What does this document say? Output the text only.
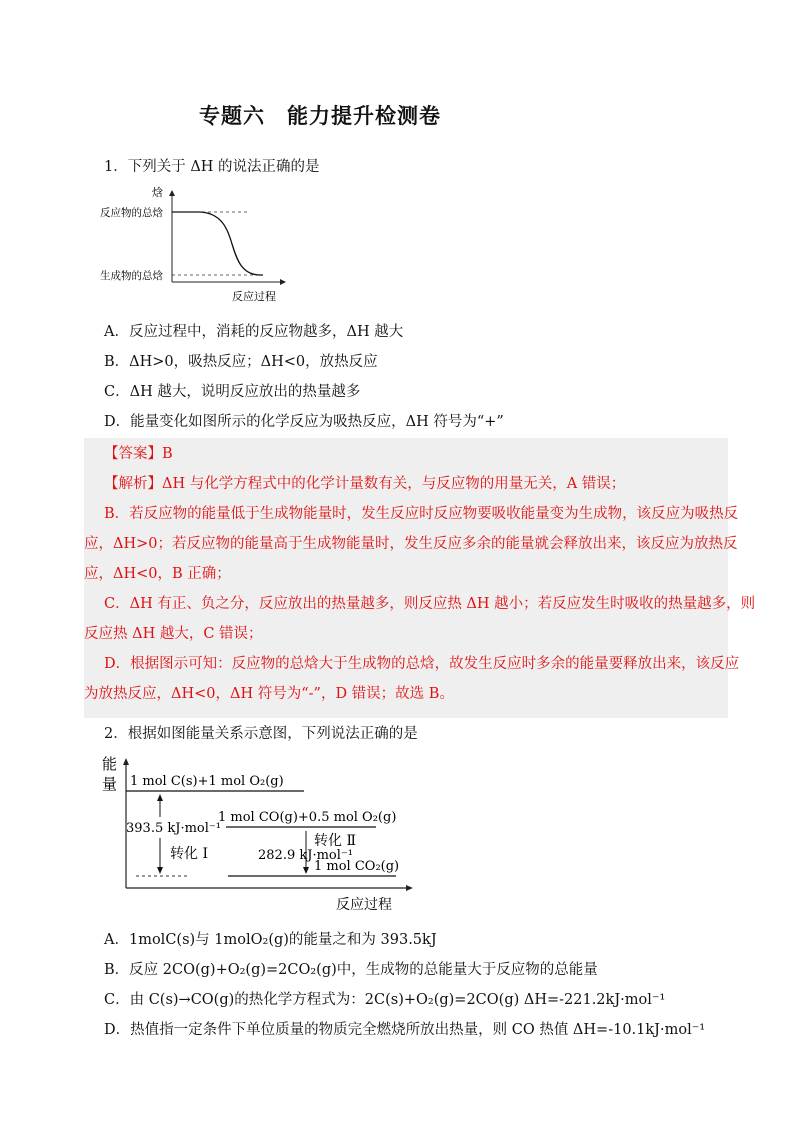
专题六　能力提升检测卷
1．下列关于 ΔH 的说法正确的是
焓
反应物的总焓
生成物的总焓
反应过程
A．反应过程中，消耗的反应物越多，ΔH 越大
B．ΔH>0，吸热反应；ΔH<0，放热反应
C．ΔH 越大，说明反应放出的热量越多
D．能量变化如图所示的化学反应为吸热反应，ΔH 符号为“+”
【答案】B
【解析】ΔH 与化学方程式中的化学计量数有关，与反应物的用量无关，A 错误；
B．若反应物的能量低于生成物能量时，发生反应时反应物要吸收能量变为生成物，该反应为吸热反
应，ΔH>0；若反应物的能量高于生成物能量时，发生反应多余的能量就会释放出来，该反应为放热反
应，ΔH<0，B 正确；
C．ΔH 有正、负之分，反应放出的热量越多，则反应热 ΔH 越小；若反应发生时吸收的热量越多，则
反应热 ΔH 越大，C 错误；
D．根据图示可知：反应物的总焓大于生成物的总焓，故发生反应时多余的能量要释放出来，该反应
为放热反应，ΔH<0，ΔH 符号为“-”，D 错误；故选 B。
2．根据如图能量关系示意图，下列说法正确的是
能
量 1 mol C(s)+1 mol O₂(g)
1 mol CO(g)+0.5 mol O₂(g)
1 mol CO₂(g)
393.5 kJ·mol⁻¹
转化 Ⅰ
转化 Ⅱ
282.9 kJ·mol⁻¹
反应过程
A．1molC(s)与 1molO₂(g)的能量之和为 393.5kJ
B．反应 2CO(g)+O₂(g)=2CO₂(g)中，生成物的总能量大于反应物的总能量
C．由 C(s)→CO(g)的热化学方程式为：2C(s)+O₂(g)=2CO(g) ΔH=-221.2kJ·mol⁻¹
D．热值指一定条件下单位质量的物质完全燃烧所放出热量，则 CO 热值 ΔH=-10.1kJ·mol⁻¹
